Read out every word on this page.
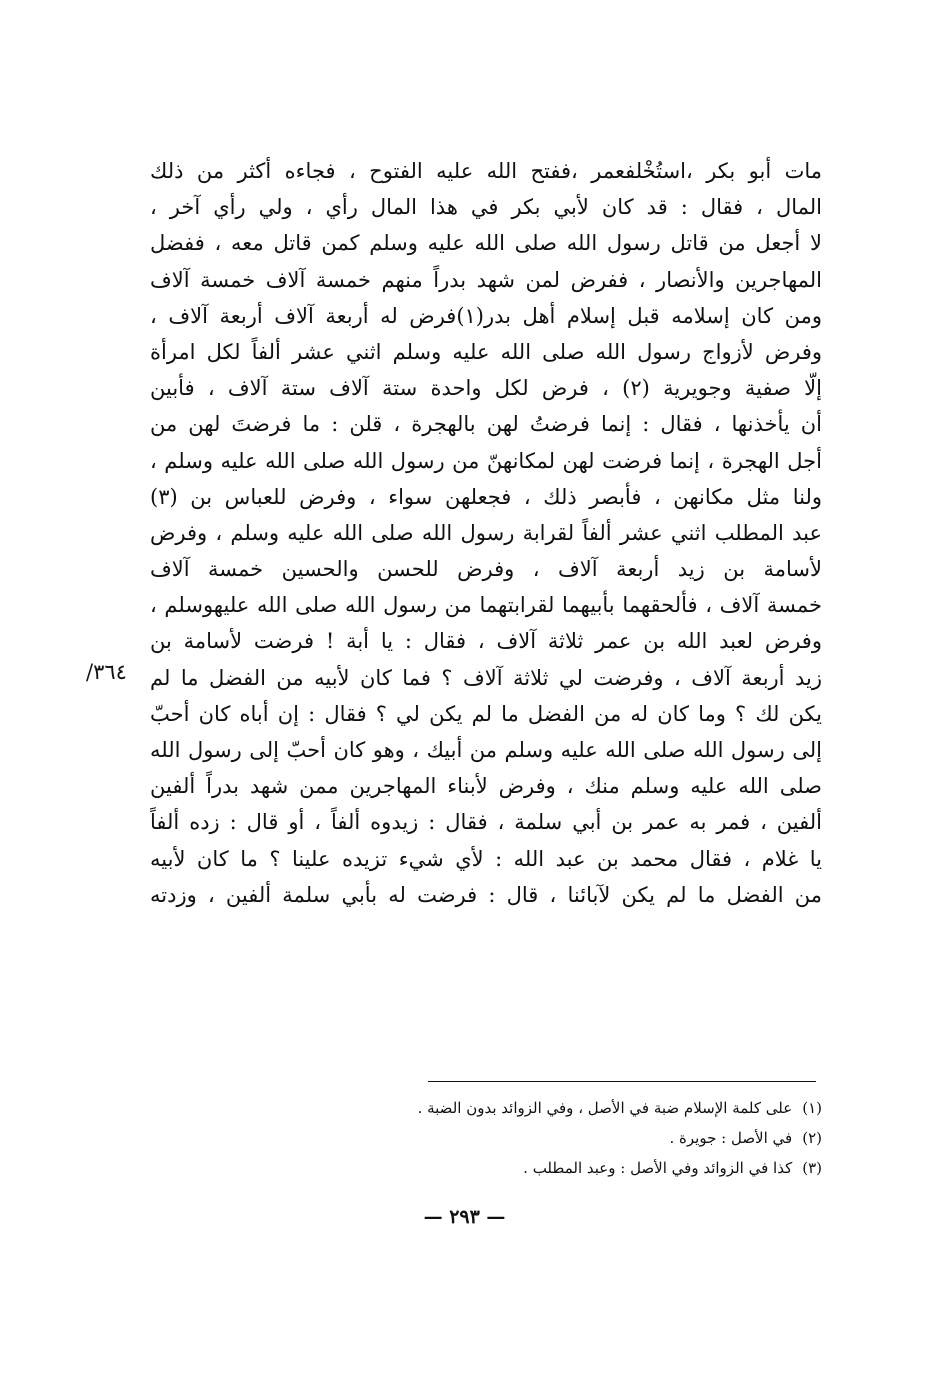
مات أبو بكر ،استُخْلفعمر ،ففتح الله عليه الفتوح ، فجاءه أكثر من ذلك
المال ، فقال : قد كان لأبي بكر في هذا المال رأي ، ولي رأي آخر ،
لا أجعل من قاتل رسول الله صلى الله عليه وسلم كمن قاتل معه ، ففضل
المهاجرين والأنصار ، ففرض لمن شهد بدراً منهم خمسة آلاف خمسة آلاف
ومن كان إسلامه قبل إسلام أهل بدر(١)فرض له أربعة آلاف أربعة آلاف ،
وفرض لأزواج رسول الله صلى الله عليه وسلم اثني عشر ألفاً لكل امرأة
إلّا صفية وجويرية (٢) ، فرض لكل واحدة ستة آلاف ستة آلاف ، فأبين
أن يأخذنها ، فقال : إنما فرضتُ لهن بالهجرة ، قلن : ما فرضتَ لهن من
أجل الهجرة ، إنما فرضت لهن لمكانهنّ من رسول الله صلى الله عليه وسلم ،
ولنا مثل مكانهن ، فأبصر ذلك ، فجعلهن سواء ، وفرض للعباس بن (٣)
عبد المطلب اثني عشر ألفاً لقرابة رسول الله صلى الله عليه وسلم ، وفرض
لأسامة بن زيد أربعة آلاف ، وفرض للحسن والحسين خمسة آلاف
خمسة آلاف ، فألحقهما بأبيهما لقرابتهما من رسول الله صلى الله عليهوسلم ،
وفرض لعبد الله بن عمر ثلاثة آلاف ، فقال : يا أبة ! فرضت لأسامة بن
زيد أربعة آلاف ، وفرضت لي ثلاثة آلاف ؟ فما كان لأبيه من الفضل ما لم
يكن لك ؟ وما كان له من الفضل ما لم يكن لي ؟ فقال : إن أباه كان أحبّ
إلى رسول الله صلى الله عليه وسلم من أبيك ، وهو كان أحبّ إلى رسول الله
صلى الله عليه وسلم منك ، وفرض لأبناء المهاجرين ممن شهد بدراً ألفين
ألفين ، فمر به عمر بن أبي سلمة ، فقال : زيدوه ألفاً ، أو قال : زده ألفاً
يا غلام ، فقال محمد بن عبد الله : لأي شيء تزيده علينا ؟ ما كان لأبيه
من الفضل ما لم يكن لآبائنا ، قال : فرضت له بأبي سلمة ألفين ، وزدته
٣٦٤/
(١)على كلمة الإسلام ضبة في الأصل ، وفي الزوائد بدون الضبة .
(٢)في الأصل : جويرة .
(٣)كذا في الزوائد وفي الأصل : وعبد المطلب .
— ٢٩٣ —
